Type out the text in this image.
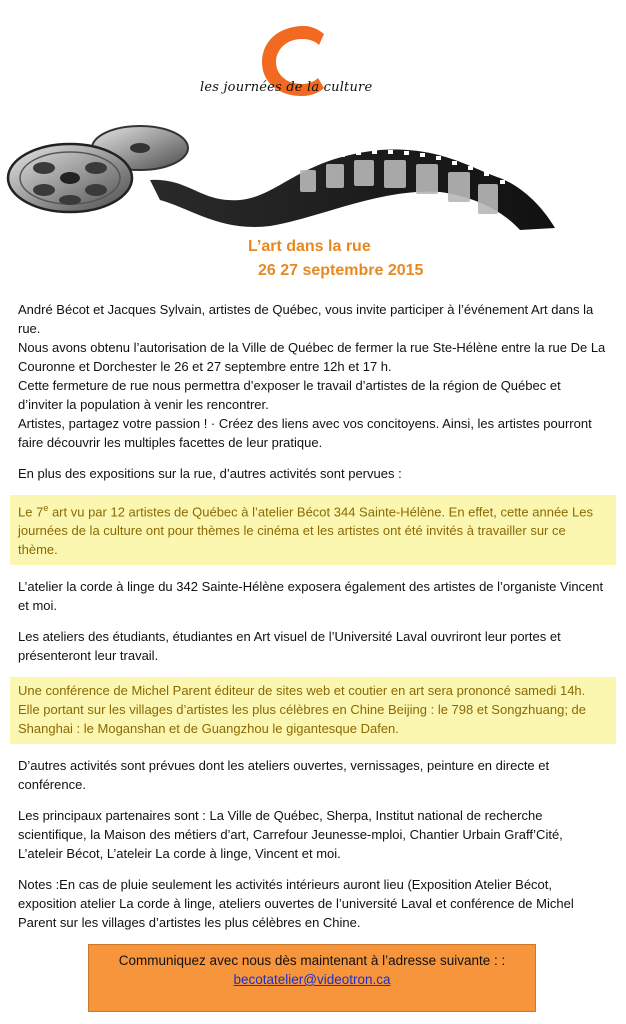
les journées de la culture
L’art dans la rue
26 27 septembre 2015

André Bécot et Jacques Sylvain, artistes de Québec, vous invite participer à l’événement Art dans la rue.

Nous avons obtenu l’autorisation de la Ville de Québec de fermer la rue Ste-Hélène entre la rue De La Couronne et Dorchester le 26 et 27 septembre entre 12h et 17 h.

Cette fermeture de rue nous permettra d’exposer le travail d’artistes de la région de Québec et d’inviter la population à venir les rencontrer.

Artistes, partagez votre passion ! · Créez des liens avec vos concitoyens. Ainsi, les artistes pourront faire découvrir les multiples facettes de leur pratique.

En plus des expositions sur la rue, d’autres activités sont pervues :

Le 7e art vu par 12 artistes de Québec à l’atelier Bécot 344 Sainte-Hélène. En effet, cette année Les journées de la culture ont pour thèmes le cinéma et les artistes ont été invités à travailler sur ce thème.

L’atelier la corde à linge du 342 Sainte-Hélène exposera également des artistes de l’organiste Vincent et moi.

Les ateliers des étudiants, étudiantes en Art visuel de l’Université Laval ouvriront leur portes et présenteront leur travail.

Une conférence de Michel Parent éditeur de sites web et coutier en art sera prononcé samedi 14h. Elle portant sur les villages d’artistes les plus célèbres en Chine Beijing : le 798 et Songzhuang; de Shanghai : le Moganshan et de Guangzhou le gigantesque Dafen.

D’autres activités sont prévues dont les ateliers ouvertes, vernissages, peinture en directe et conférence.

Les principaux partenaires sont : La Ville de Québec, Sherpa, Institut national de recherche scientifique, la Maison des métiers d’art, Carrefour Jeunesse-mploi, Chantier Urbain Graff’Cité, L’ateleir Bécot, L’ateleir La corde à linge, Vincent et moi.

Notes :En cas de pluie seulement les activités intérieurs auront lieu (Exposition Atelier Bécot, exposition atelier La corde à linge, ateliers ouvertes de l’université Laval et conférence de Michel Parent sur les villages d’artistes les plus célèbres en Chine.

Communiquez avec nous dès maintenant à l’adresse suivante : :
becotatelier@videotron.ca
